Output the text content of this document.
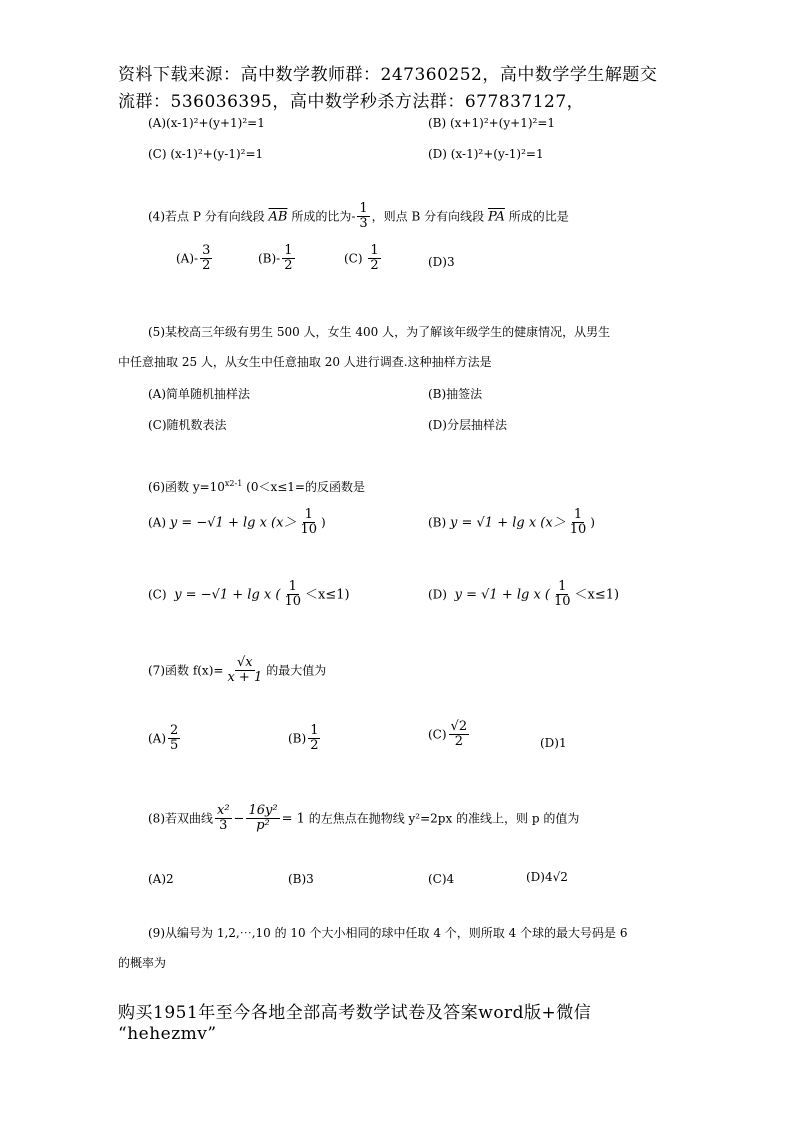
资料下载来源：高中数学教师群：247360252，高中数学学生解题交
流群：536036395，高中数学秒杀方法群：677837127，
(A)(x-1)²+(y+1)²=1	(B) (x+1)²+(y+1)²=1
(C) (x-1)²+(y-1)²=1	(D) (x-1)²+(y-1)²=1
(4)若点 P 分有向线段 $\overline{AB}$ 所成的比为- $\frac{1}{3}$ ，则点 B 分有向线段 $\overline{PA}$ 所成的比是
$(A)- \frac{3}{2}$	$(B)- \frac{1}{2}$	$(C) \frac{1}{2}$	(D)3
(5)某校高三年级有男生 500 人，女生 400 人，为了解该年级学生的健康情况，从男生
中任意抽取 25 人，从女生中任意抽取 20 人进行调查.这种抽样方法是
(A)简单随机抽样法	(B)抽签法
(C)随机数表法	(D)分层抽样法
(6)函数 $y=10^{x2-1}$ (0＜x≤1=的反函数是
(A) y = −√1 + lg x ($x> \frac{1}{10}$ )	(B) y = √1 + lg x ($x> \frac{1}{10}$ )
(C) y = −√1 + lg x ( $\frac{1}{10} <x\le 1$)	(D) y = √1 + lg x ( $\frac{1}{10} <x\le 1$)
(7)函数 $f(x)= \frac{√x}{x + 1}$ 的最大值为
$(A) \frac{2}{5}$	$(B) \frac{1}{2}$	$(C) \frac{√2}{2}$	(D)1
(8)若双曲线 $\frac{\text{x²}}{3} - \frac{\text{16y²}}{\text{p²}} = 1$ 的左焦点在抛物线 y²=2px 的准线上，则 p 的值为
(A)2	(B)3	(C)4	(D)4√2
(9)从编号为 1,2,⋯,10 的 10 个大小相同的球中任取 4 个，则所取 4 个球的最大号码是 6
的概率为
购买1951年至今各地全部高考数学试卷及答案word版+微信
“hehezmv”
